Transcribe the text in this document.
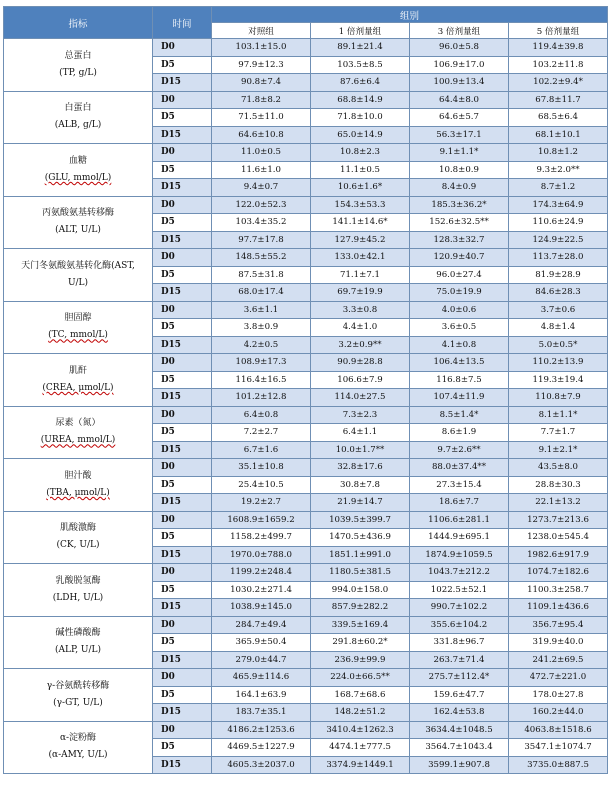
指标	时间	组别			
		对照组	1 倍剂量组	3 倍剂量组	5 倍剂量组

总蛋白
(TP, g/L)	D0	103.1±15.0	89.1±21.4	96.0±5.8	119.4±39.8
	D5	97.9±12.3	103.5±8.5	106.9±17.0	103.2±11.8
	D15	90.8±7.4	87.6±6.4	100.9±13.4	102.2±9.4*

白蛋白
(ALB, g/L)	D0	71.8±8.2	68.8±14.9	64.4±8.0	67.8±11.7
	D5	71.5±11.0	71.8±10.0	64.6±5.7	68.5±6.4
	D15	64.6±10.8	65.0±14.9	56.3±17.1	68.1±10.1

血糖
(GLU, mmol/L)	D0	11.0±0.5	10.8±2.3	9.1±1.1*	10.8±1.2
	D5	11.6±1.0	11.1±0.5	10.8±0.9	9.3±2.0**
	D15	9.4±0.7	10.6±1.6*	8.4±0.9	8.7±1.2

丙氨酸氨基转移酶
(ALT, U/L)	D0	122.0±52.3	154.3±53.3	185.3±36.2*	174.3±64.9
	D5	103.4±35.2	141.1±14.6*	152.6±32.5**	110.6±24.9
	D15	97.7±17.8	127.9±45.2	128.3±32.7	124.9±22.5

天门冬氨酸氨基转化酶(AST,
U/L)	D0	148.5±55.2	133.0±42.1	120.9±40.7	113.7±28.0
	D5	87.5±31.8	71.1±7.1	96.0±27.4	81.9±28.9
	D15	68.0±17.4	69.7±19.9	75.0±19.9	84.6±28.3

胆固醇
(TC, mmol/L)	D0	3.6±1.1	3.3±0.8	4.0±0.6	3.7±0.6
	D5	3.8±0.9	4.4±1.0	3.6±0.5	4.8±1.4
	D15	4.2±0.5	3.2±0.9**	4.1±0.8	5.0±0.5*

肌酐
(CREA, μmol/L)	D0	108.9±17.3	90.9±28.8	106.4±13.5	110.2±13.9
	D5	116.4±16.5	106.6±7.9	116.8±7.5	119.3±19.4
	D15	101.2±12.8	114.0±27.5	107.4±11.9	110.8±7.9

尿素（氮）
(UREA, mmol/L)	D0	6.4±0.8	7.3±2.3	8.5±1.4*	8.1±1.1*
	D5	7.2±2.7	6.4±1.1	8.6±1.9	7.7±1.7
	D15	6.7±1.6	10.0±1.7**	9.7±2.6**	9.1±2.1*

胆汁酸
(TBA, μmol/L)	D0	35.1±10.8	32.8±17.6	88.0±37.4**	43.5±8.0
	D5	25.4±10.5	30.8±7.8	27.3±15.4	28.8±30.3
	D15	19.2±2.7	21.9±14.7	18.6±7.7	22.1±13.2

肌酸激酶
(CK, U/L)	D0	1608.9±1659.2	1039.5±399.7	1106.6±281.1	1273.7±213.6
	D5	1158.2±499.7	1470.5±436.9	1444.9±695.1	1238.0±545.4
	D15	1970.0±788.0	1851.1±991.0	1874.9±1059.5	1982.6±917.9

乳酸脱氢酶
(LDH, U/L)	D0	1199.2±248.4	1180.5±381.5	1043.7±212.2	1074.7±182.6
	D5	1030.2±271.4	994.0±158.0	1022.5±52.1	1100.3±258.7
	D15	1038.9±145.0	857.9±282.2	990.7±102.2	1109.1±436.6

碱性磷酸酶
(ALP, U/L)	D0	284.7±49.4	339.5±169.4	355.6±104.2	356.7±95.4
	D5	365.9±50.4	291.8±60.2*	331.8±96.7	319.9±40.0
	D15	279.0±44.7	236.9±99.9	263.7±71.4	241.2±69.5

γ-谷氨酰转移酶
(γ-GT, U/L)	D0	465.9±114.6	224.0±66.5**	275.7±112.4*	472.7±221.0
	D5	164.1±63.9	168.7±68.6	159.6±47.7	178.0±27.8
	D15	183.7±35.1	148.2±51.2	162.4±53.8	160.2±44.0

α-淀粉酶
(α-AMY, U/L)	D0	4186.2±1253.6	3410.4±1262.3	3634.4±1048.5	4063.8±1518.6
	D5	4469.5±1227.9	4474.1±777.5	3564.7±1043.4	3547.1±1074.7
	D15	4605.3±2037.0	3374.9±1449.1	3599.1±907.8	3735.0±887.5
